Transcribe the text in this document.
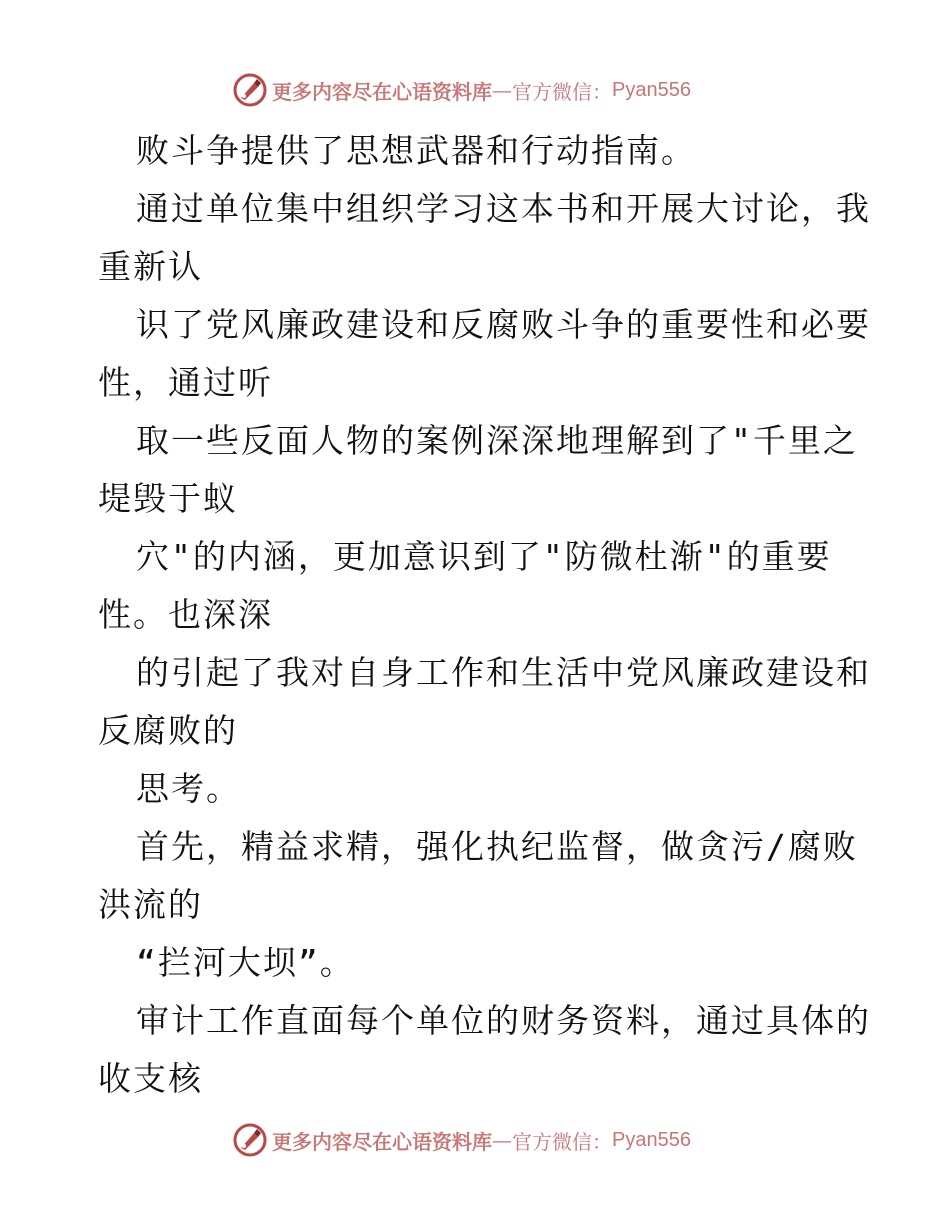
更多内容尽在心语资料库 — 官方微信： Pyan556
败斗争提供了思想武器和行动指南。
通过单位集中组织学习这本书和开展大讨论，我
重新认
识了党风廉政建设和反腐败斗争的重要性和必要
性，通过听
取一些反面人物的案例深深地理解到了"千里之
堤毁于蚁
穴"的内涵，更加意识到了"防微杜渐"的重要
性。也深深
的引起了我对自身工作和生活中党风廉政建设和
反腐败的
思考。
首先，精益求精，强化执纪监督，做贪污/腐败
洪流的
“拦河大坝”。
审计工作直面每个单位的财务资料，通过具体的
收支核
更多内容尽在心语资料库 — 官方微信： Pyan556
